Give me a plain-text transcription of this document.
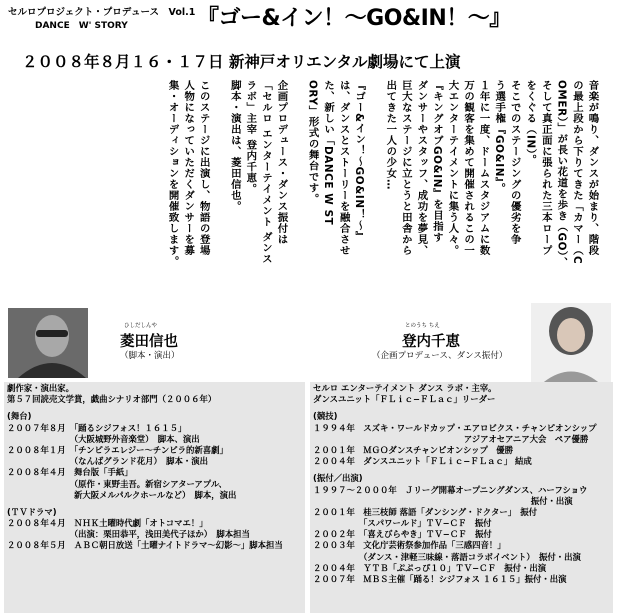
セルロプロジェクト・プロデュース　Vol.1
DANCE　W' STORY	『ゴー&イン！〜GO&IN！〜』
２００８年８月１６・１７日 新神戸オリエンタル劇場にて上演
音楽が鳴り、ダンスが始まり、階段
の最上段から下りてきた「カマー（C
OMER）」が長い花道を歩き（GO）、
そして真正面に張られた三本ロープ
をくぐる（IN）。
そこでのステージングの優劣を争
う選手権『GO&IN』。
１年に一度、ドームスタジアムに数
万の観客を集めて開催されるこの一
大エンターテイメントに集う人々。
『キングオブGO&IN』を目指す
ダンサーやスタッフ、成功を夢見、
巨大なステージに立とうと田舎から
出てきた一人の少女…
『ゴー&イン！〜GO&IN！〜』
は、ダンスとストーリーを融合させ
た、新しい「DANCE W ST
ORY」形式の舞台です。
企画プロデュース・ダンス振付は
「セルロ エンターテイメント ダンス
ラボ」主宰 登内千恵。
脚本・演出は、菱田信也。
このステージに出演し、物語の登場
人物になっていただくダンサーを募
集・オーディションを開催致します。
ひしだしんや
菱田信也
（脚本・演出）
とのうち ちえ
登内千恵
（企画プロデュース、ダンス振付）
劇作家・演出家。
第５７回読売文学賞，戯曲シナリオ部門（２００６年）

(舞台)
２００７年８月　「踊るシジフォス！１６１５」
　　　　　　　　（大阪城野外音楽堂）　脚本、演出
２００８年１月　「チンピラエレジー〜チンピラ的新喜劇」
　　　　　　　　（なんばグランド花月）　脚本・演出
２００８年４月　舞台版「手紙」
　　　　　　　　（原作・東野圭吾。新宿シアターアプル、
　　　　　　　　新大阪メルパルクホールなど）　脚本，演出

(ＴＶドラマ)
２００８年４月　ＮＨＫ土曜時代劇「オトコマエ！」
　　　　　　　　（出演：栗田恭平，浅田美代子ほか）　脚本担当
２００８年５月　ＡＢＣ朝日放送「土曜ナイトドラマ〜幻影〜」脚本担当
セルロ エンターテイメント ダンス ラボ・主宰。
ダンスユニット「ＦＬｉｃ−ＦＬａｃ」リーダー

(競技)
１９９４年　スズキ・ワールドカップ・エアロビクス・チャンピオンシップ
　　　　　　　　　　　　　　　　　　アジアオセアニア大会　ペア優勝
２００１年　ＭＧＯダンスチャンピオンシップ　優勝
２００４年　ダンスユニット「ＦＬｉｃ−ＦＬａｃ」 結成

(振付／出演)
１９９７〜２０００年　Ｊリーグ開幕オープニングダンス、ハーフショウ
　　　　　　　　　　　　　　　　　　　　　　　　　　振付・出演
２００１年　桂三枝師 落語「ダンシング・ドクター」　振付
　　　　　　「スパワールド」ＴＶ−ＣＦ　振付
２００２年　「喜えびらやき」ＴＶ−ＣＦ　振付
２００３年　文化庁芸術祭参加作品「三感四音！」
　　　　　　（ダンス・津軽三味線・落語コラボイベント）　振付・出演
２００４年　ＹＴＢ「ぷぷっぴ１０」ＴＶ−ＣＦ　振付・出演
２００７年　ＭＢＳ主催「踊る！シジフォス １６１５」振付・出演
